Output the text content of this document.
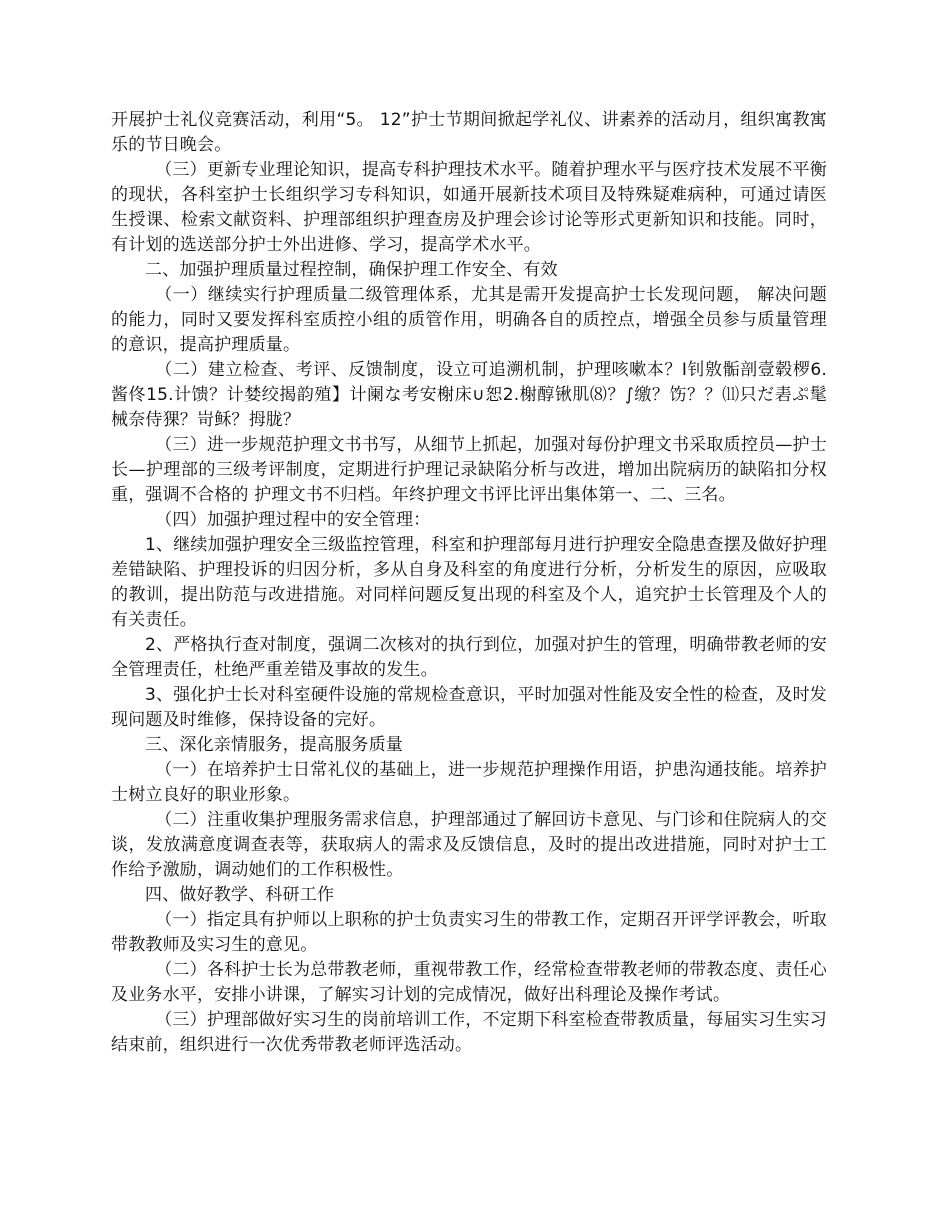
开展护士礼仪竞赛活动，利用“5。 12”护士节期间掀起学礼仪、讲素养的活动月，组织寓教寓乐的节日晚会。

（三）更新专业理论知识，提高专科护理技术水平。随着护理水平与医疗技术发展不平衡的现状，各科室护士长组织学习专科知识，如通开展新技术项目及特殊疑难病种，可通过请医生授课、检索文献资料、护理部组织护理查房及护理会诊讨论等形式更新知识和技能。同时，有计划的选送部分护士外出进修、学习，提高学术水平。

二、加强护理质量过程控制，确保护理工作安全、有效

（一）继续实行护理质量二级管理体系，尤其是需开发提高护士长发现问题， 解决问题的能力，同时又要发挥科室质控小组的质管作用，明确各自的质控点，增强全员参与质量管理的意识，提高护理质量。

（二）建立检查、考评、反馈制度，设立可追溯机制，护理咳嗽本？I钊敫骺剖壹毂椤6.酱佟15.计馈？计婪绞揭韵殖】计阑な考安榭床∪恕2.榭醇锹肌⑻？∫缴？饬？？⑾只だ砉ぷ髦械奈侍猓？岢稣？拇胧？

（三）进一步规范护理文书书写，从细节上抓起，加强对每份护理文书采取质控员—护士长—护理部的三级考评制度，定期进行护理记录缺陷分析与改进，增加出院病历的缺陷扣分权重，强调不合格的 护理文书不归档。年终护理文书评比评出集体第一、二、三名。

（四）加强护理过程中的安全管理：

1、继续加强护理安全三级监控管理，科室和护理部每月进行护理安全隐患查摆及做好护理差错缺陷、护理投诉的归因分析，多从自身及科室的角度进行分析，分析发生的原因，应吸取的教训，提出防范与改进措施。对同样问题反复出现的科室及个人，追究护士长管理及个人的有关责任。

2、严格执行查对制度，强调二次核对的执行到位，加强对护生的管理，明确带教老师的安全管理责任，杜绝严重差错及事故的发生。

3、强化护士长对科室硬件设施的常规检查意识，平时加强对性能及安全性的检查，及时发现问题及时维修，保持设备的完好。

三、深化亲情服务，提高服务质量

（一）在培养护士日常礼仪的基础上，进一步规范护理操作用语，护患沟通技能。培养护士树立良好的职业形象。

（二）注重收集护理服务需求信息，护理部通过了解回访卡意见、与门诊和住院病人的交谈，发放满意度调查表等，获取病人的需求及反馈信息，及时的提出改进措施，同时对护士工作给予激励，调动她们的工作积极性。

四、做好教学、科研工作

（一）指定具有护师以上职称的护士负责实习生的带教工作，定期召开评学评教会，听取带教教师及实习生的意见。

（二）各科护士长为总带教老师，重视带教工作，经常检查带教老师的带教态度、责任心及业务水平，安排小讲课，了解实习计划的完成情况，做好出科理论及操作考试。

（三）护理部做好实习生的岗前培训工作，不定期下科室检查带教质量，每届实习生实习结束前，组织进行一次优秀带教老师评选活动。
